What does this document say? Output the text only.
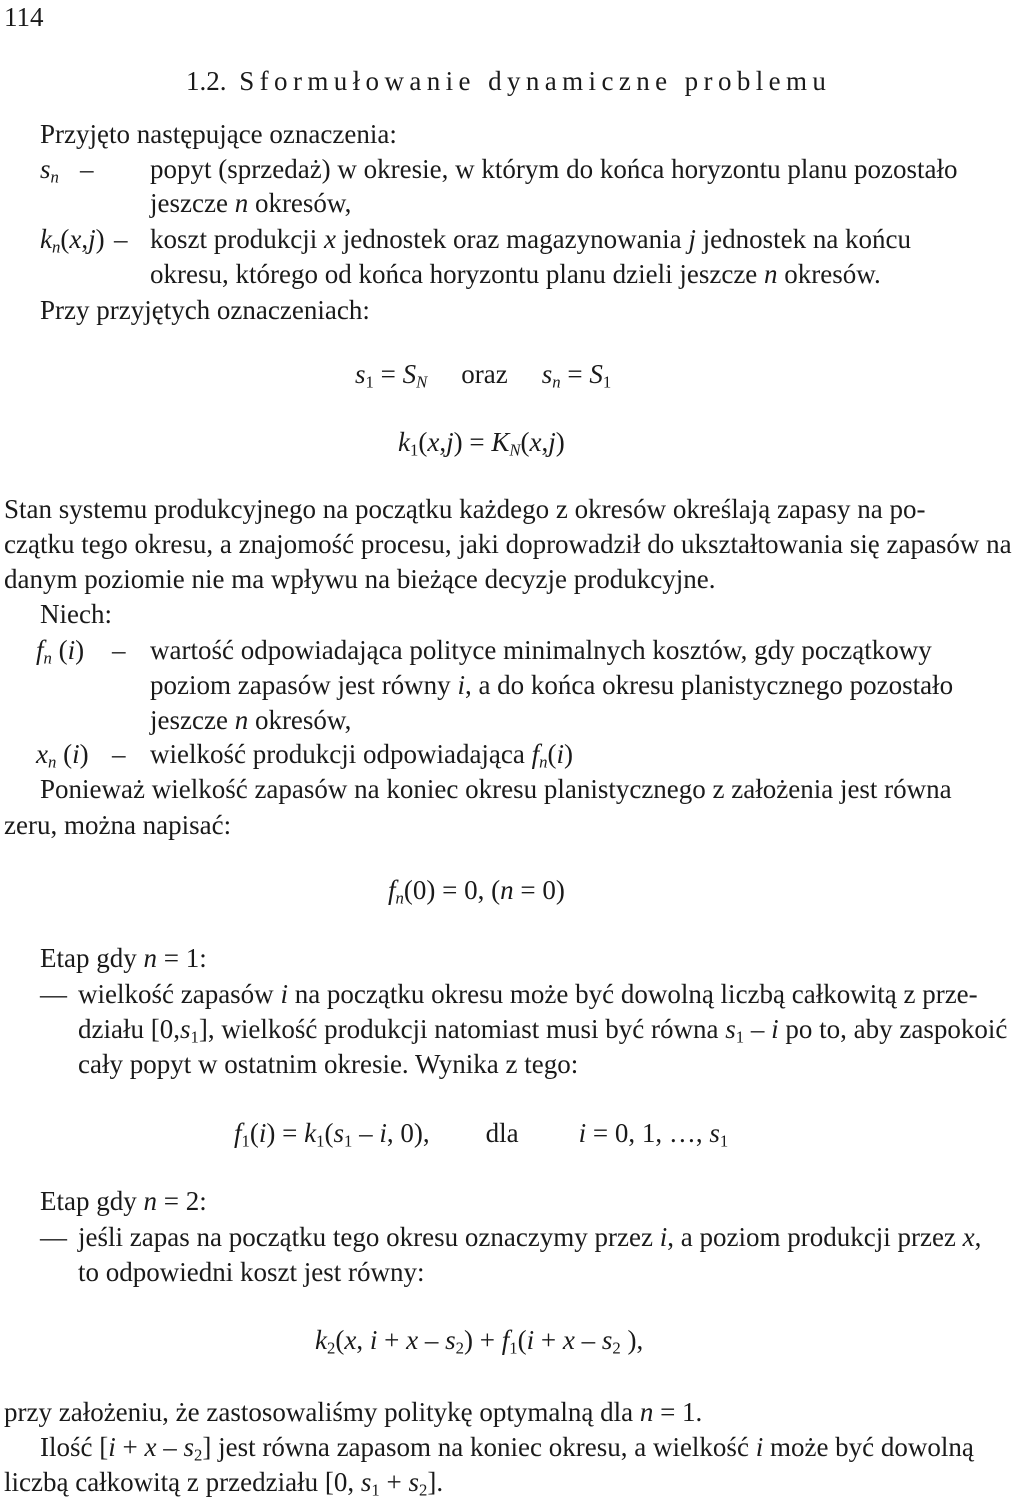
114
1.2. Sformułowanie dynamiczne problemu
Przyjęto następujące oznaczenia:
$s_n$ – popyt (sprzedaż) w okresie, w którym do końca horyzontu planu pozostało
jeszcze n okresów,
$k_n(x,j)$ – koszt produkcji x jednostek oraz magazynowania j jednostek na końcu
okresu, którego od końca horyzontu planu dzieli jeszcze n okresów.
Przy przyjętych oznaczeniach:
$s_1 = S_N$ oraz $s_n = S_1$
$k_1(x,j) = K_N(x,j)$
Stan systemu produkcyjnego na początku każdego z okresów określają zapasy na po-
czątku tego okresu, a znajomość procesu, jaki doprowadził do ukształtowania się zapasów na
danym poziomie nie ma wpływu na bieżące decyzje produkcyjne.
Niech:
$f_n$ (i) – wartość odpowiadająca polityce minimalnych kosztów, gdy początkowy
poziom zapasów jest równy i, a do końca okresu planistycznego pozostało
jeszcze n okresów,
$x_n$ (i) – wielkość produkcji odpowiadająca $f_n(i)$
Ponieważ wielkość zapasów na koniec okresu planistycznego z założenia jest równa
zeru, można napisać:
$f_n(0) = 0$, (n = 0)
Etap gdy n = 1:
— wielkość zapasów i na początku okresu może być dowolną liczbą całkowitą z prze-
działu $[0,s_1]$, wielkość produkcji natomiast musi być równa $s_1$ – i po to, aby zaspokoić
cały popyt w ostatnim okresie. Wynika z tego:
$f_1(i) = k_1(s_1 - i$, 0), dla i = 0, 1, …, $s_1$
Etap gdy n = 2:
— jeśli zapas na początku tego okresu oznaczymy przez i, a poziom produkcji przez x,
to odpowiedni koszt jest równy:
$k_2(x$, $i + x - s_2) + f_1(i + x - s_2$ ),
przy założeniu, że zastosowaliśmy politykę optymalną dla n = 1.
Ilość $[i + x - s_2]$ jest równa zapasom na koniec okresu, a wielkość i może być dowolną
liczbą całkowitą z przedziału [0, $s_1 + s_2$].
